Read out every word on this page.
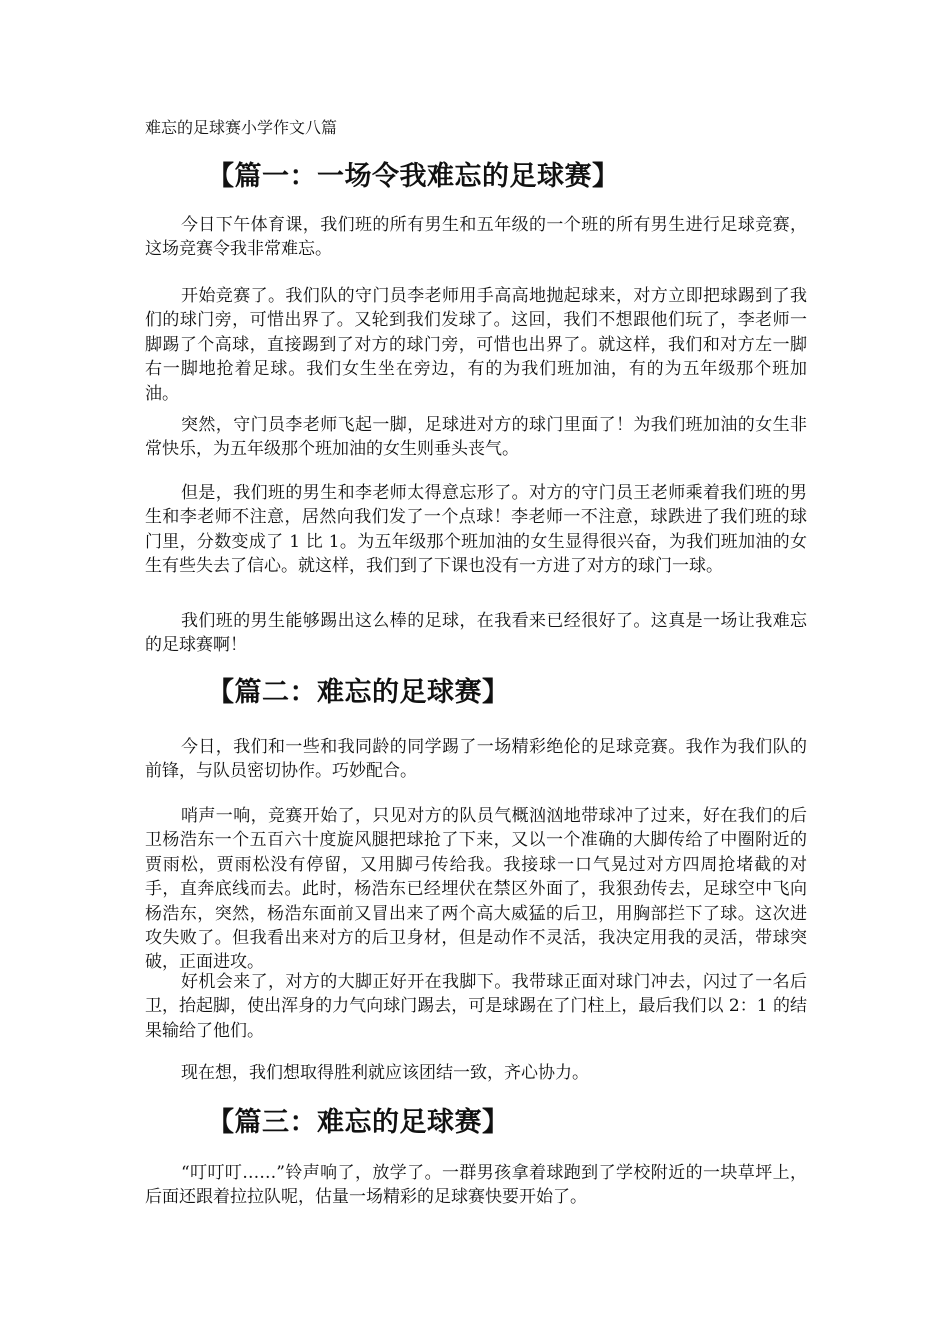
难忘的足球赛小学作文八篇
【篇一：一场令我难忘的足球赛】

今日下午体育课，我们班的所有男生和五年级的一个班的所有男生进行足球竞赛，这场竞赛令我非常难忘。

开始竞赛了。我们队的守门员李老师用手高高地抛起球来，对方立即把球踢到了我们的球门旁，可惜出界了。又轮到我们发球了。这回，我们不想跟他们玩了，李老师一脚踢了个高球，直接踢到了对方的球门旁，可惜也出界了。就这样，我们和对方左一脚右一脚地抢着足球。我们女生坐在旁边，有的为我们班加油，有的为五年级那个班加油。

突然，守门员李老师飞起一脚，足球进对方的球门里面了！为我们班加油的女生非常快乐，为五年级那个班加油的女生则垂头丧气。

但是，我们班的男生和李老师太得意忘形了。对方的守门员王老师乘着我们班的男生和李老师不注意，居然向我们发了一个点球！李老师一不注意，球跌进了我们班的球门里，分数变成了 1 比 1。为五年级那个班加油的女生显得很兴奋，为我们班加油的女生有些失去了信心。就这样，我们到了下课也没有一方进了对方的球门一球。

我们班的男生能够踢出这么棒的足球，在我看来已经很好了。这真是一场让我难忘的足球赛啊！

【篇二：难忘的足球赛】

今日，我们和一些和我同龄的同学踢了一场精彩绝伦的足球竞赛。我作为我们队的前锋，与队员密切协作。巧妙配合。

哨声一响，竞赛开始了，只见对方的队员气概汹汹地带球冲了过来，好在我们的后卫杨浩东一个五百六十度旋风腿把球抢了下来，又以一个准确的大脚传给了中圈附近的贾雨松，贾雨松没有停留，又用脚弓传给我。我接球一口气晃过对方四周抢堵截的对手，直奔底线而去。此时，杨浩东已经埋伏在禁区外面了，我狠劲传去，足球空中飞向杨浩东，突然，杨浩东面前又冒出来了两个高大威猛的后卫，用胸部拦下了球。这次进攻失败了。但我看出来对方的后卫身材，但是动作不灵活，我决定用我的灵活，带球突破，正面进攻。

好机会来了，对方的大脚正好开在我脚下。我带球正面对球门冲去，闪过了一名后卫，抬起脚，使出浑身的力气向球门踢去，可是球踢在了门柱上，最后我们以 2：1 的结果输给了他们。

现在想，我们想取得胜利就应该团结一致，齐心协力。

【篇三：难忘的足球赛】

“叮叮叮……”铃声响了，放学了。一群男孩拿着球跑到了学校附近的一块草坪上，后面还跟着拉拉队呢，估量一场精彩的足球赛快要开始了。
